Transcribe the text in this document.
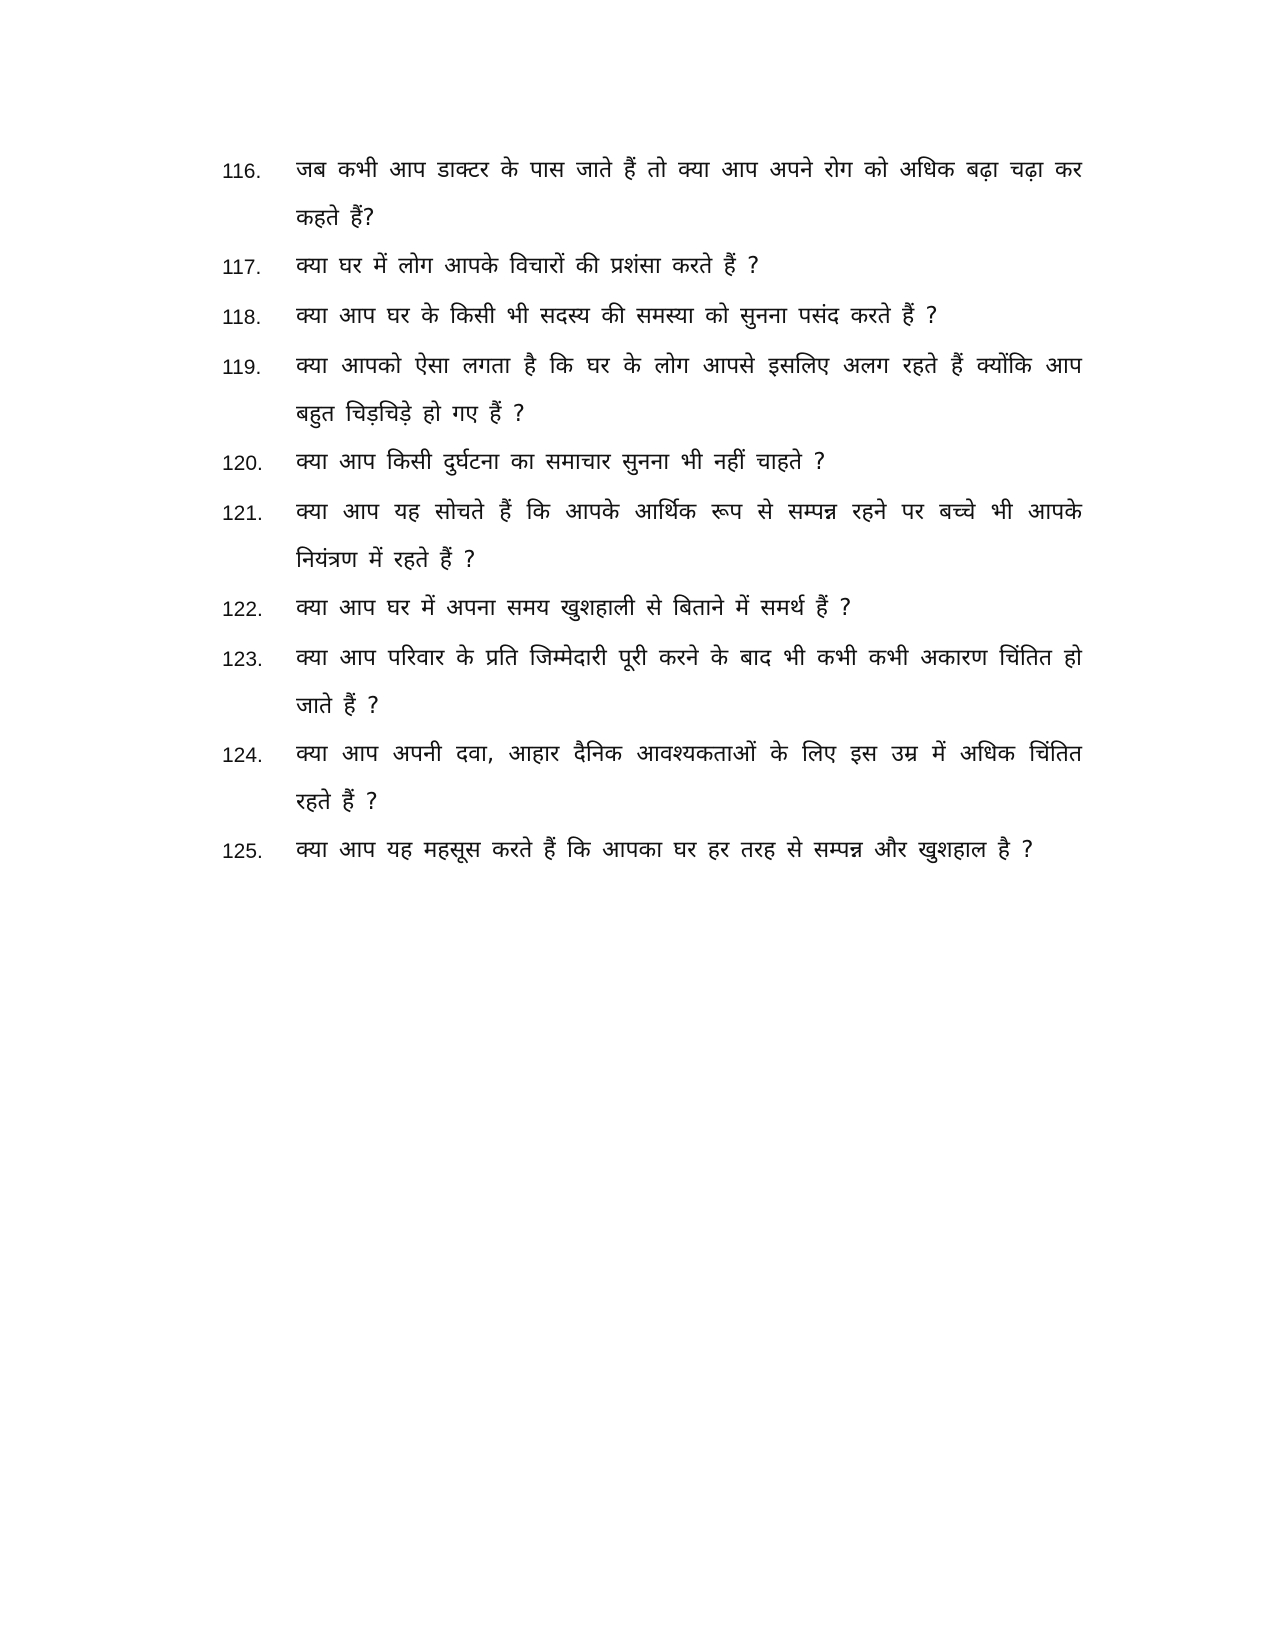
116.	जब कभी आप डाक्टर के पास जाते हैं तो क्या आप अपने रोग को अधिक बढ़ा चढ़ा कर कहते हैं?
117.	क्या घर में लोग आपके विचारों की प्रशंसा करते हैं ?
118.	क्या आप घर के किसी भी सदस्य की समस्या को सुनना पसंद करते हैं ?
119.	क्या आपको ऐसा लगता है कि घर के लोग आपसे इसलिए अलग रहते हैं क्योंकि आप बहुत चिड़चिड़े हो गए हैं ?
120.	क्या आप किसी दुर्घटना का समाचार सुनना भी नहीं चाहते ?
121.	क्या आप यह सोचते हैं कि आपके आर्थिक रूप से सम्पन्न रहने पर बच्चे भी आपके नियंत्रण में रहते हैं ?
122.	क्या आप घर में अपना समय खुशहाली से बिताने में समर्थ हैं ?
123.	क्या आप परिवार के प्रति जिम्मेदारी पूरी करने के बाद भी कभी कभी अकारण चिंतित हो जाते हैं ?
124.	क्या आप अपनी दवा, आहार दैनिक आवश्यकताओं के लिए इस उम्र में अधिक चिंतित रहते हैं ?
125.	क्या आप यह महसूस करते हैं कि आपका घर हर तरह से सम्पन्न और खुशहाल है ?
